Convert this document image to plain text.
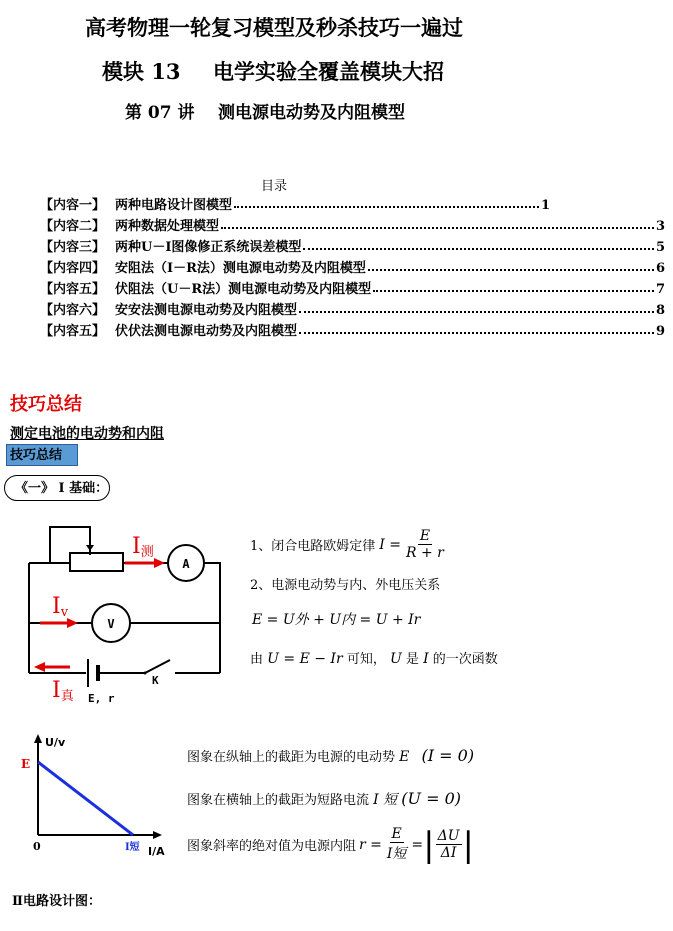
高考物理一轮复习模型及秒杀技巧一遍过
模块 13 电学实验全覆盖模块大招
第 07 讲 测电源电动势及内阻模型
目录
【内容一】 两种电路设计图模型	1
【内容二】 两种数据处理模型	3
【内容三】 两种U－I图像修正系统误差模型	5
【内容四】 安阻法（I－R法）测电源电动势及内阻模型	6
【内容五】 伏阻法（U－R法）测电源电动势及内阻模型	7
【内容六】 安安法测电源电动势及内阻模型	8
【内容五】 伏伏法测电源电动势及内阻模型	9
技巧总结
测定电池的电动势和内阻
技巧总结
《一》 I 基础：
I测
Iv
I真
A
V
K
E, r
1、闭合电路欧姆定律 $I = \frac{E}{R + r}$
2、电源电动势与内、外电压关系
E = U外 + U内 = U + Ir
由 U = E − Ir 可知， U 是 I 的一次函数
U/v
I/A
E
I短
0
图象在纵轴上的截距为电源的电动势 E (I = 0)
图象在横轴上的截距为短路电流 I 短 (U = 0)
图象斜率的绝对值为电源内阻 $r = \frac{E}{\text{I短}}$ = | $\frac{\Delta U}{\Delta I}$ |
Ⅱ电路设计图：
